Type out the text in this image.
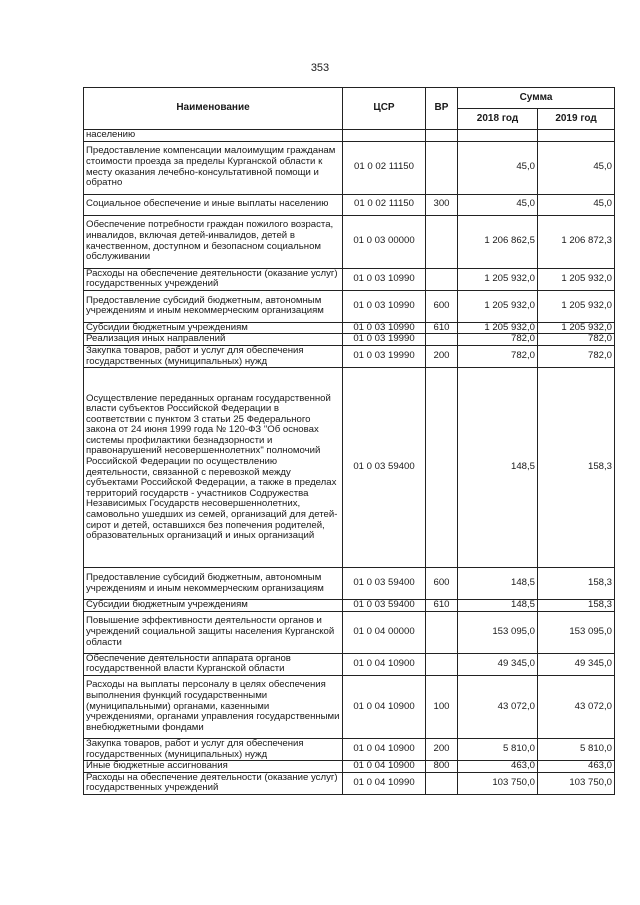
353
Наименование	ЦСР	ВР	Сумма	
			2018 год	2019 год
населению				
Предоставление компенсации малоимущим гражданам стоимости проезда за пределы Курганской области к месту оказания лечебно-консультативной помощи и обратно	01 0 02 11150		45,0	45,0
Социальное обеспечение и иные выплаты населению	01 0 02 11150	300	45,0	45,0
Обеспечение потребности граждан пожилого возраста, инвалидов, включая детей-инвалидов, детей в качественном, доступном и безопасном социальном обслуживании	01 0 03 00000		1 206 862,5	1 206 872,3
Расходы на обеспечение деятельности (оказание услуг) государственных учреждений	01 0 03 10990		1 205 932,0	1 205 932,0
Предоставление субсидий бюджетным, автономным учреждениям и иным некоммерческим организациям	01 0 03 10990	600	1 205 932,0	1 205 932,0
Субсидии бюджетным учреждениям	01 0 03 10990	610	1 205 932,0	1 205 932,0
Реализация иных направлений	01 0 03 19990		782,0	782,0
Закупка товаров, работ и услуг для обеспечения государственных (муниципальных) нужд	01 0 03 19990	200	782,0	782,0
Осуществление переданных органам государственной власти субъектов Российской Федерации в соответствии с пунктом 3 статьи 25 Федерального закона от 24 июня 1999 года № 120-ФЗ "Об основах системы профилактики безнадзорности и правонарушений несовершеннолетних" полномочий Российской Федерации по осуществлению деятельности, связанной с перевозкой между субъектами Российской Федерации, а также в пределах территорий государств - участников Содружества Независимых Государств несовершеннолетних, самовольно ушедших из семей, организаций для детей-сирот и детей, оставшихся без попечения родителей, образовательных организаций и иных организаций	01 0 03 59400		148,5	158,3
Предоставление субсидий бюджетным, автономным учреждениям и иным некоммерческим организациям	01 0 03 59400	600	148,5	158,3
Субсидии бюджетным учреждениям	01 0 03 59400	610	148,5	158,3
Повышение эффективности деятельности органов и учреждений социальной защиты населения Курганской области	01 0 04 00000		153 095,0	153 095,0
Обеспечение деятельности аппарата органов государственной власти Курганской области	01 0 04 10900		49 345,0	49 345,0
Расходы на выплаты персоналу в целях обеспечения выполнения функций государственными (муниципальными) органами, казенными учреждениями, органами управления государственными внебюджетными фондами	01 0 04 10900	100	43 072,0	43 072,0
Закупка товаров, работ и услуг для обеспечения государственных (муниципальных) нужд	01 0 04 10900	200	5 810,0	5 810,0
Иные бюджетные ассигнования	01 0 04 10900	800	463,0	463,0
Расходы на обеспечение деятельности (оказание услуг) государственных учреждений	01 0 04 10990		103 750,0	103 750,0
